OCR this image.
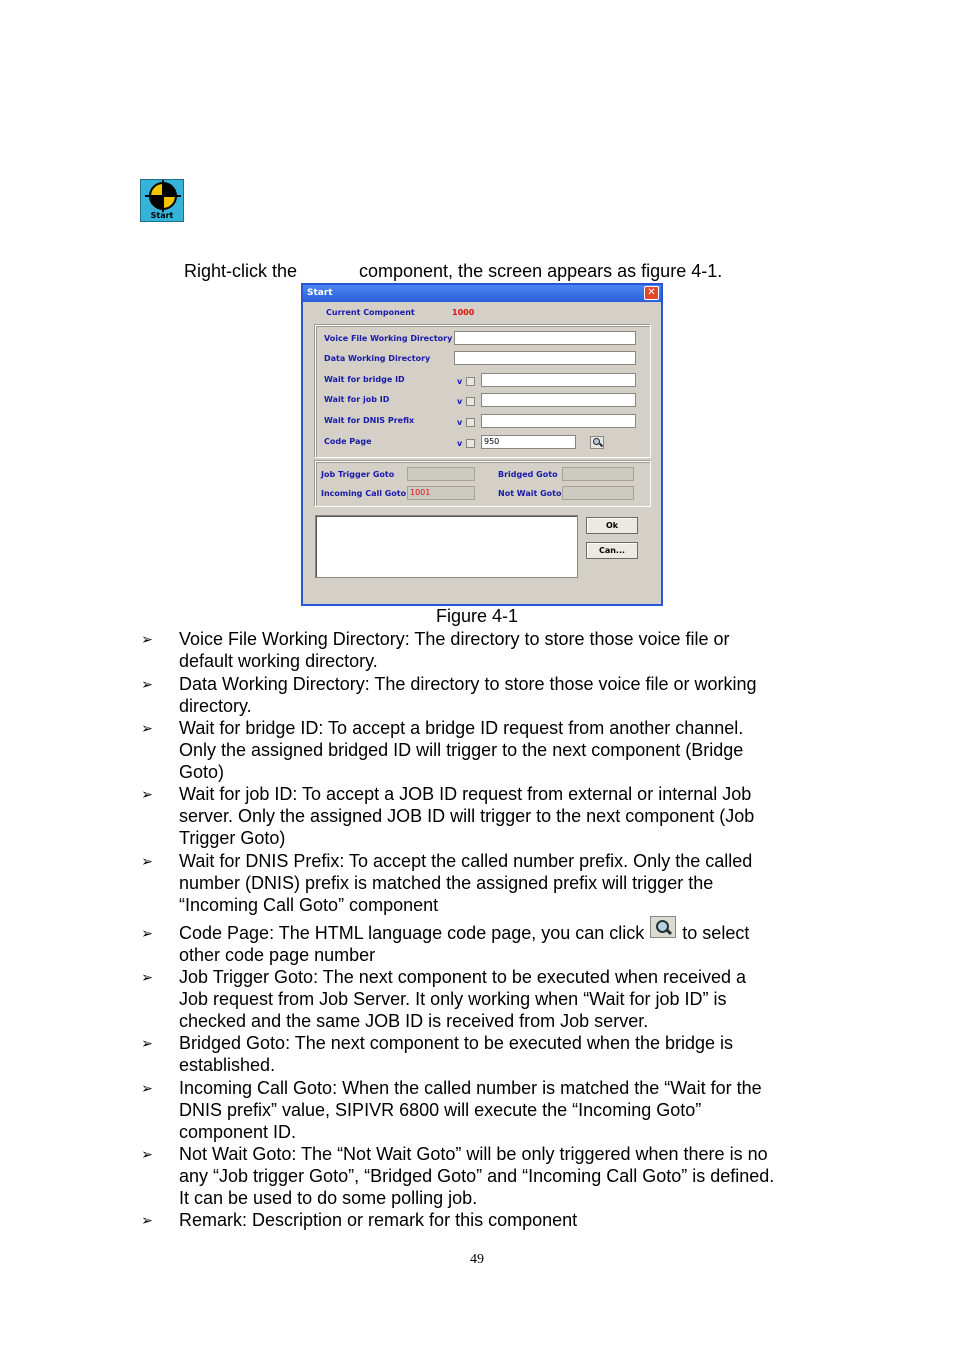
Start
Right-click the	component, the screen appears as figure 4-1.
Start	✕
Current Component	1000
Voice File Working Directory
Data Working Directory
Wait for bridge ID	v
Wait for job ID	v
Wait for DNIS Prefix	v
Code Page	v	950
Job Trigger Goto	Bridged Goto
Incoming Call Goto 1001	Not Wait Goto
Ok
Can...
Figure 4-1
➢ Voice File Working Directory: The directory to store those voice file or
default working directory.
➢ Data Working Directory: The directory to store those voice file or working
directory.
➢ Wait for bridge ID: To accept a bridge ID request from another channel.
Only the assigned bridged ID will trigger to the next component (Bridge
Goto)
➢ Wait for job ID: To accept a JOB ID request from external or internal Job
server. Only the assigned JOB ID will trigger to the next component (Job
Trigger Goto)
➢ Wait for DNIS Prefix: To accept the called number prefix. Only the called
number (DNIS) prefix is matched the assigned prefix will trigger the
“Incoming Call Goto” component
➢ Code Page: The HTML language code page, you can click to select
other code page number
➢ Job Trigger Goto: The next component to be executed when received a
Job request from Job Server. It only working when “Wait for job ID” is
checked and the same JOB ID is received from Job server.
➢ Bridged Goto: The next component to be executed when the bridge is
established.
➢ Incoming Call Goto: When the called number is matched the “Wait for the
DNIS prefix” value, SIPIVR 6800 will execute the “Incoming Goto”
component ID.
➢ Not Wait Goto: The “Not Wait Goto” will be only triggered when there is no
any “Job trigger Goto”, “Bridged Goto” and “Incoming Call Goto” is defined.
It can be used to do some polling job.
➢ Remark: Description or remark for this component
49
